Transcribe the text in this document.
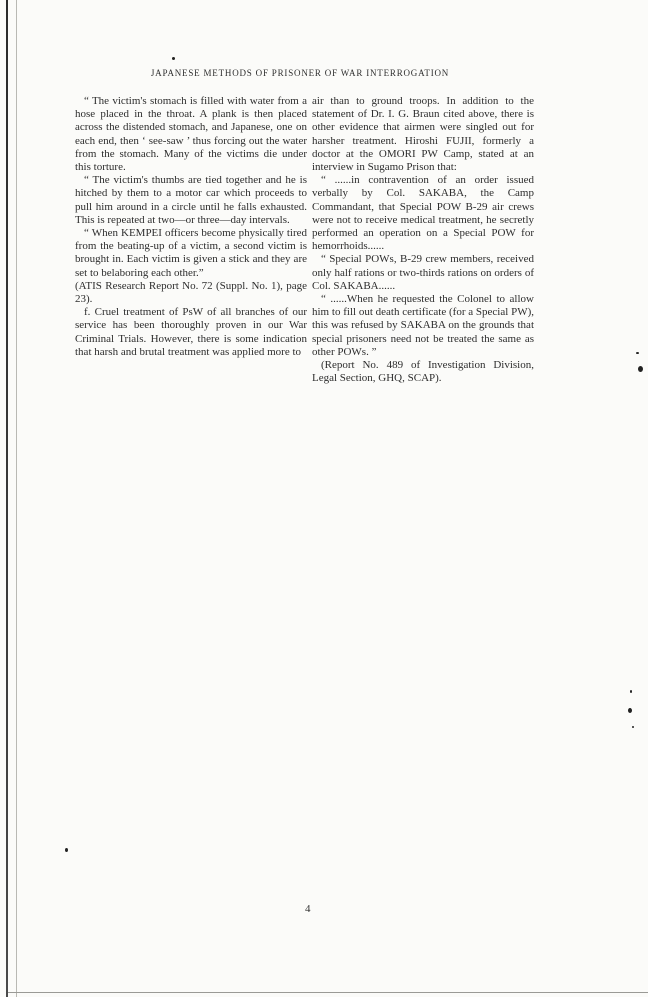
JAPANESE METHODS OF PRISONER OF WAR INTERROGATION

“ The victim's stomach is filled with water from a hose placed in the throat. A plank is then placed across the distended stomach, and Japanese, one on each end, then ‘ see-saw ’ thus forcing out the water from the stomach. Many of the victims die under this torture.

“ The victim's thumbs are tied together and he is hitched by them to a motor car which proceeds to pull him around in a circle until he falls exhausted. This is repeated at two—or three—day intervals.

“ When KEMPEI officers become physically tired from the beating-up of a victim, a second victim is brought in. Each victim is given a stick and they are set to belaboring each other.”

(ATIS Research Report No. 72 (Suppl. No. 1), page 23).

f. Cruel treatment of PsW of all branches of our service has been thoroughly proven in our War Criminal Trials. However, there is some indication that harsh and brutal treatment was applied more to

air than to ground troops. In addition to the statement of Dr. I. G. Braun cited above, there is other evidence that airmen were singled out for harsher treatment. Hiroshi FUJII, formerly a doctor at the OMORI PW Camp, stated at an interview in Sugamo Prison that:

“ ......in contravention of an order issued verbally by Col. SAKABA, the Camp Commandant, that Special POW B-29 air crews were not to receive medical treatment, he secretly performed an operation on a Special POW for hemorrhoids......

“ Special POWs, B-29 crew members, received only half rations or two-thirds rations on orders of Col. SAKABA......

“ ......When he requested the Colonel to allow him to fill out death certificate (for a Special PW), this was refused by SAKABA on the grounds that special prisoners need not be treated the same as other POWs. ”

(Report No. 489 of Investigation Division, Legal Section, GHQ, SCAP).

4
